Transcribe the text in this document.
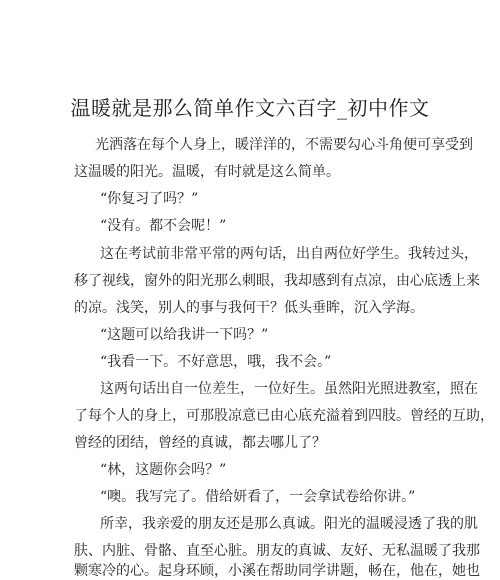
温暖就是那么简单作文六百字_初中作文
光洒落在每个人身上，暖洋洋的，不需要勾心斗角便可享受到
这温暖的阳光。温暖，有时就是这么简单。
“你复习了吗？”
“没有。都不会呢！”
这在考试前非常平常的两句话，出自两位好学生。我转过头，
移了视线，窗外的阳光那么刺眼，我却感到有点凉，由心底透上来
的凉。浅笑，别人的事与我何干？低头垂眸，沉入学海。
“这题可以给我讲一下吗？”
“我看一下。不好意思，哦，我不会。”
这两句话出自一位差生，一位好生。虽然阳光照进教室，照在
了每个人的身上，可那股凉意已由心底充溢着到四肢。曾经的互助，
曾经的团结，曾经的真诚，都去哪儿了？
“林，这题你会吗？”
“噢。我写完了。借给妍看了，一会拿试卷给你讲。”
所幸，我亲爱的朋友还是那么真诚。阳光的温暖浸透了我的肌
肤、内脏、骨骼、直至心脏。朋友的真诚、友好、无私温暖了我那
颗寒冷的心。起身环顾，小溪在帮助同学讲题，畅在，他在，她也
